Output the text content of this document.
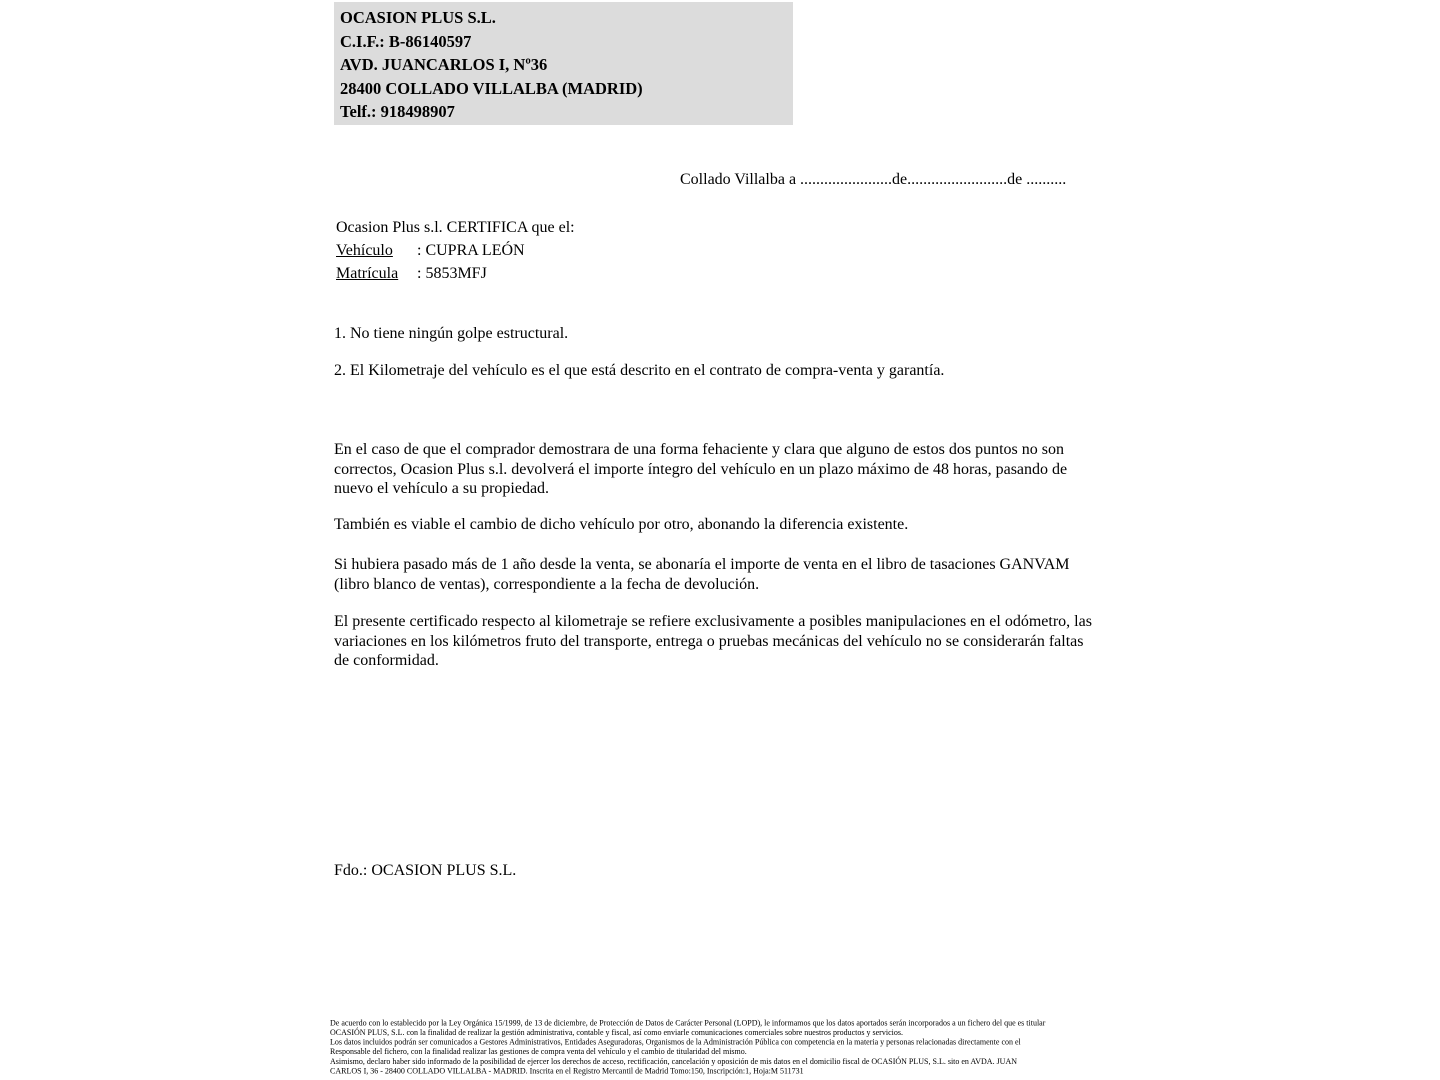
OCASION PLUS S.L.
C.I.F.: B-86140597
AVD. JUANCARLOS I, Nº36
28400 COLLADO VILLALBA (MADRID)
Telf.: 918498907
Collado Villalba a .......................de.........................de ..........
Ocasion Plus s.l. CERTIFICA que el:
Vehículo : CUPRA LEÓN
Matrícula : 5853MFJ
1. No tiene ningún golpe estructural.
2. El Kilometraje del vehículo es el que está descrito en el contrato de compra-venta y garantía.
En el caso de que el comprador demostrara de una forma fehaciente y clara que alguno de estos dos puntos no son correctos, Ocasion Plus s.l. devolverá el importe íntegro del vehículo en un plazo máximo de 48 horas, pasando de nuevo el vehículo a su propiedad.
También es viable el cambio de dicho vehículo por otro, abonando la diferencia existente.
Si hubiera pasado más de 1 año desde la venta, se abonaría el importe de venta en el libro de tasaciones GANVAM (libro blanco de ventas), correspondiente a la fecha de devolución.
El presente certificado respecto al kilometraje se refiere exclusivamente a posibles manipulaciones en el odómetro, las variaciones en los kilómetros fruto del transporte, entrega o pruebas mecánicas del vehículo no se considerarán faltas de conformidad.
Fdo.: OCASION PLUS S.L.
De acuerdo con lo establecido por la Ley Orgánica 15/1999, de 13 de diciembre, de Protección de Datos de Carácter Personal (LOPD), le informamos que los datos aportados serán incorporados a un fichero del que es titular
OCASIÓN PLUS, S.L. con la finalidad de realizar la gestión administrativa, contable y fiscal, así como enviarle comunicaciones comerciales sobre nuestros productos y servicios.
Los datos incluidos podrán ser comunicados a Gestores Administrativos, Entidades Aseguradoras, Organismos de la Administración Pública con competencia en la materia y personas relacionadas directamente con el
Responsable del fichero, con la finalidad realizar las gestiones de compra venta del vehículo y el cambio de titularidad del mismo.
Asimismo, declaro haber sido informado de la posibilidad de ejercer los derechos de acceso, rectificación, cancelación y oposición de mis datos en el domicilio fiscal de OCASIÓN PLUS, S.L. sito en AVDA. JUAN
CARLOS I, 36 - 28400 COLLADO VILLALBA - MADRID. Inscrita en el Registro Mercantil de Madrid Tomo:150, Inscripción:1, Hoja:M 511731
